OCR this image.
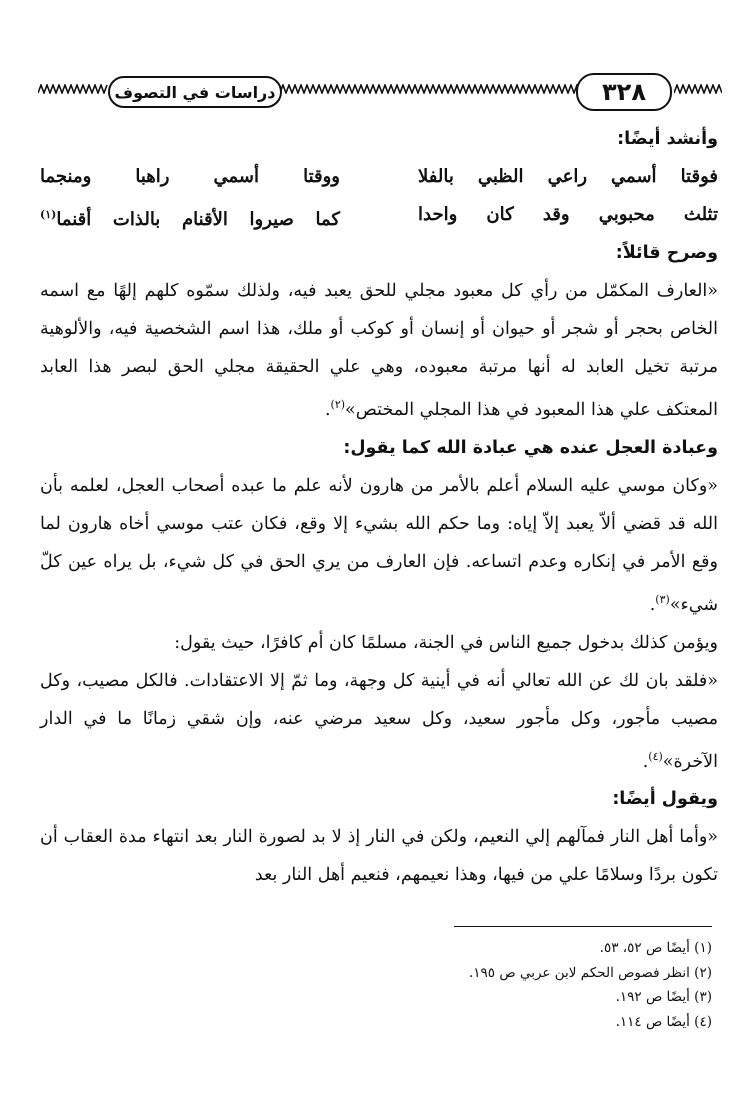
دراسات في التصوف	٣٢٨

وأنشد أيضًا:

فوقتا أسمي راعي الظبي بالفلا
ووقتا أسمي راهبا ومنجما
تثلث محبوبي وقد كان واحدا
كما صيروا الأقنام بالذات أقنما$^{(١)}$

وصرح قائلاً:

«العارف المكمّل من رأي كل معبود مجلي للحق يعبد فيه، ولذلك سمّوه كلهم إلهًا مع اسمه الخاص بحجر أو شجر أو حيوان أو إنسان أو كوكب أو ملك، هذا اسم الشخصية فيه، والألوهية مرتبة تخيل العابد له أنها مرتبة معبوده، وهي علي الحقيقة مجلي الحق لبصر هذا العابد المعتكف علي هذا المعبود في هذا المجلي المختص»$^{(٢)}$.

وعبادة العجل عنده هي عبادة الله كما يقول:

«وكان موسي عليه السلام أعلم بالأمر من هارون لأنه علم ما عبده أصحاب العجل، لعلمه بأن الله قد قضي ألاّ يعبد إلاّ إياه: وما حكم الله بشيء إلا وقع، فكان عتب موسي أخاه هارون لما وقع الأمر في إنكاره وعدم اتساعه. فإن العارف من يري الحق في كل شيء، بل يراه عين كلّ شيء»$^{(٣)}$.

ويؤمن كذلك بدخول جميع الناس في الجنة، مسلمًا كان أم كافرًا، حيث يقول:

«فلقد بان لك عن الله تعالي أنه في أينية كل وجهة، وما ثمّ إلا الاعتقادات. فالكل مصيب، وكل مصيب مأجور، وكل مأجور سعيد، وكل سعيد مرضي عنه، وإن شقي زمانًا ما في الدار الآخرة»$^{(٤)}$.

ويقول أيضًا:

«وأما أهل النار فمآلهم إلي النعيم، ولكن في النار إذ لا بد لصورة النار بعد انتهاء مدة العقاب أن تكون بردًا وسلامًا علي من فيها، وهذا نعيمهم، فنعيم أهل النار بعد

(١) أيضًا ص ٥٢، ٥٣.

(٢) انظر فصوص الحكم لابن عربي ص ١٩٥.

(٣) أيضًا ص ١٩٢.

(٤) أيضًا ص ١١٤.
